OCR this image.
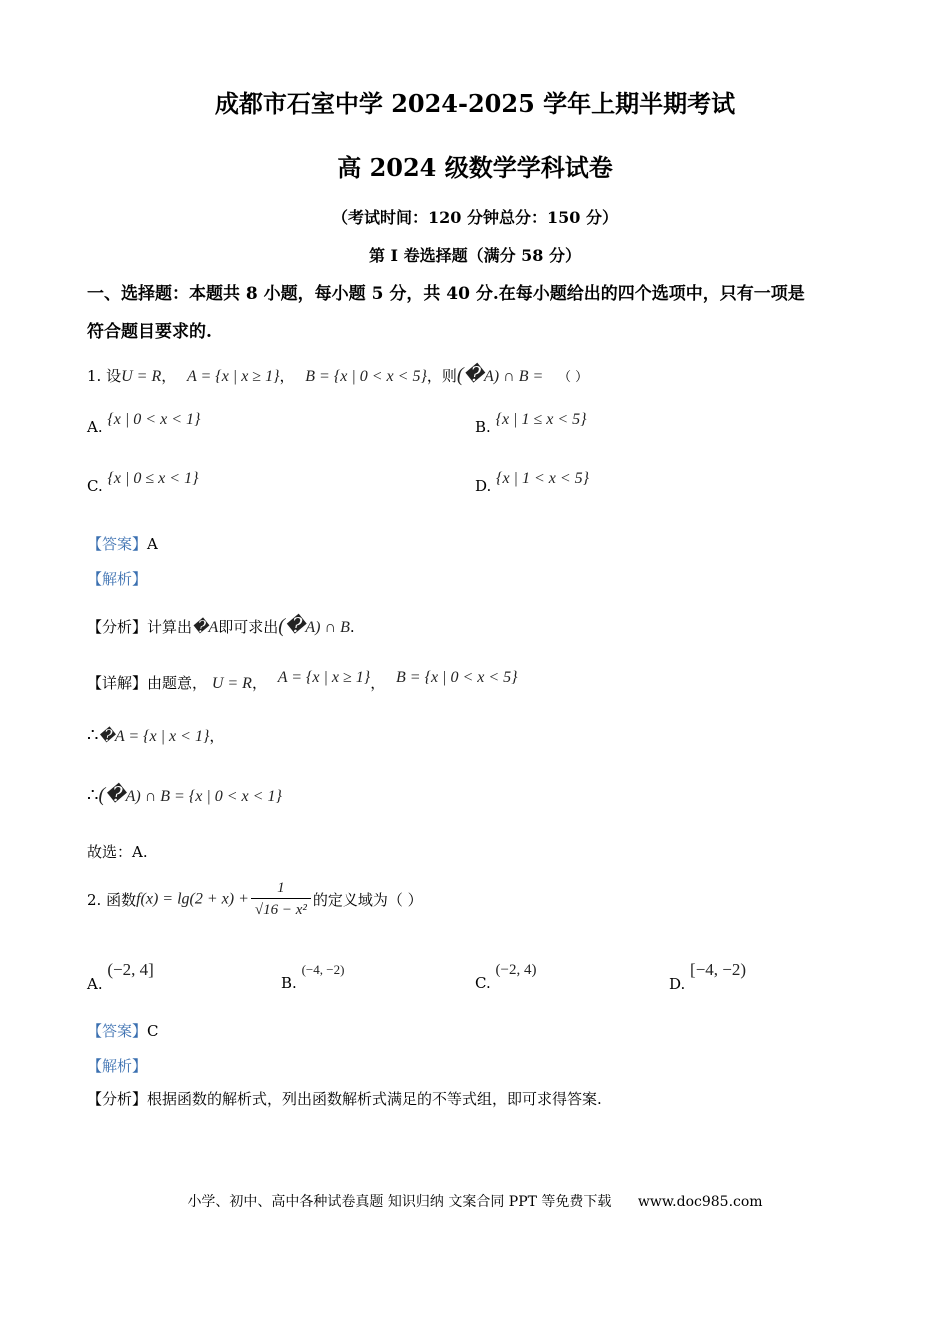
成都市石室中学 2024-2025 学年上期半期考试
高 2024 级数学学科试卷
（考试时间：120 分钟总分：150 分）
第 I 卷选择题（满分 58 分）
一、选择题：本题共 8 小题，每小题 5 分，共 40 分.在每小题给出的四个选项中，只有一项是
符合题目要求的.
1. 设U = R， A = {x | x ≥ 1}， B = {x | 0 < x < 5}，则(�A) ∩ B = （ ）
A. {x | 0 < x < 1}	B. {x | 1 ≤ x < 5}
C. {x | 0 ≤ x < 1}	D. {x | 1 < x < 5}
【答案】A
【解析】
【分析】计算出�A即可求出(�A) ∩ B.
【详解】由题意， U = R， A = {x | x ≥ 1}， B = {x | 0 < x < 5}
∴�A = {x | x < 1}，
∴(�A) ∩ B = {x | 0 < x < 1}
故选：A.
2. 函数$f(x) = \lg(2 + x) + \frac{1}{\text{√16 − x²}}$ 的定义域为（ ）
A. (−2, 4]
B. (−4, −2)
C. (−2, 4)
D. [−4, −2)
【答案】C
【解析】
【分析】根据函数的解析式，列出函数解析式满足的不等式组，即可求得答案.
小学、初中、高中各种试卷真题 知识归纳 文案合同 PPT 等免费下载 www.doc985.com
